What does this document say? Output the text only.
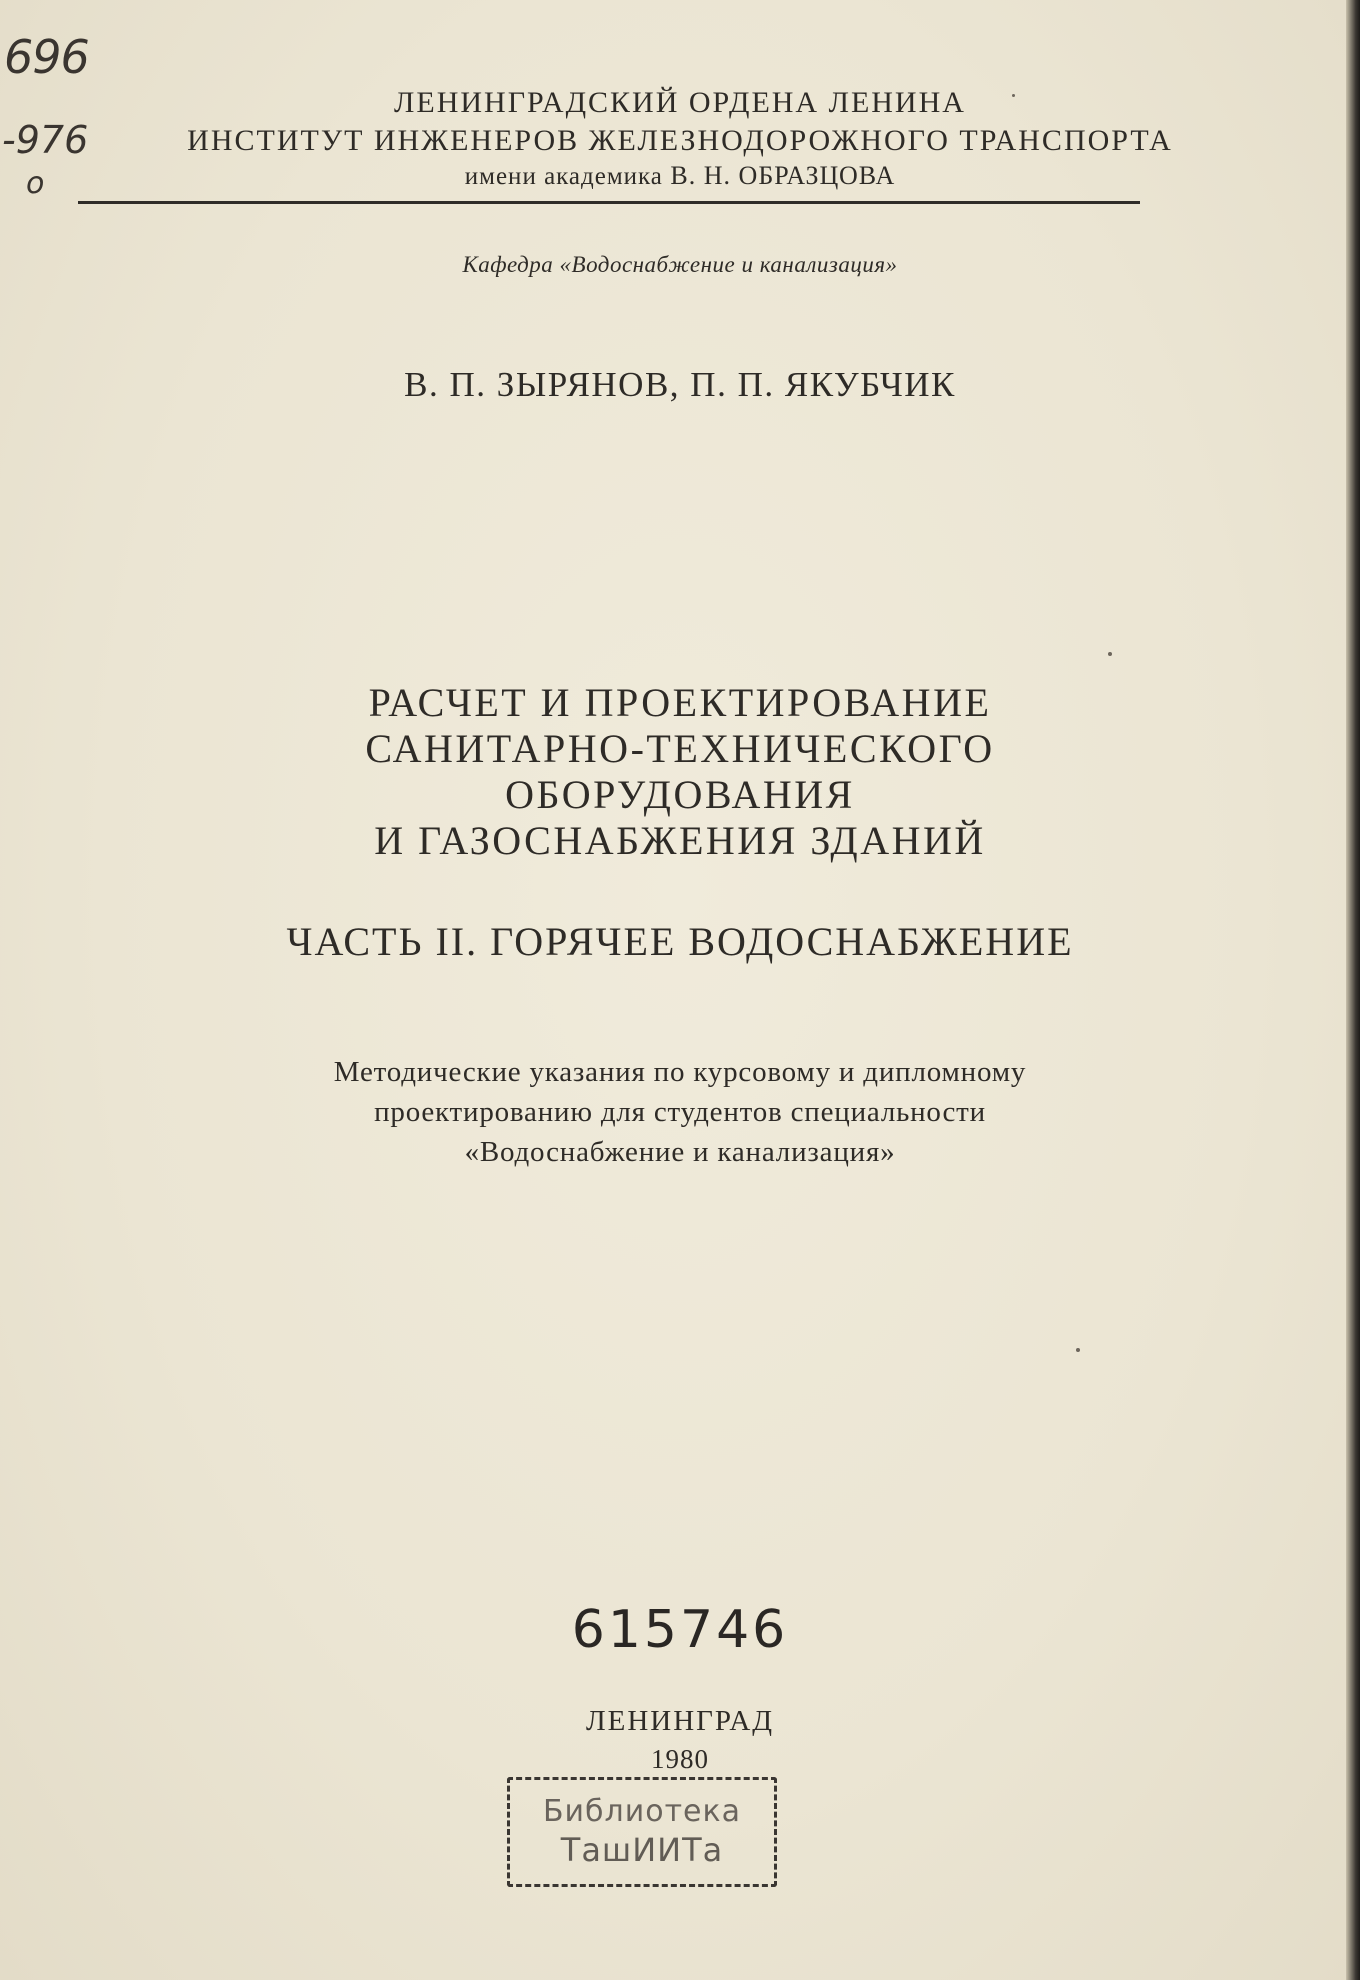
696
-976
о
ЛЕНИНГРАДСКИЙ ОРДЕНА ЛЕНИНА
ИНСТИТУТ ИНЖЕНЕРОВ ЖЕЛЕЗНОДОРОЖНОГО ТРАНСПОРТА
имени академика В. Н. ОБРАЗЦОВА
Кафедра «Водоснабжение и канализация»
В. П. ЗЫРЯНОВ, П. П. ЯКУБЧИК
РАСЧЕТ И ПРОЕКТИРОВАНИЕ
САНИТАРНО-ТЕХНИЧЕСКОГО
ОБОРУДОВАНИЯ
И ГАЗОСНАБЖЕНИЯ ЗДАНИЙ
ЧАСТЬ II. ГОРЯЧЕЕ ВОДОСНАБЖЕНИЕ
Методические указания по курсовому и дипломному
проектированию для студентов специальности
«Водоснабжение и канализация»
615746
ЛЕНИНГРАД
1980
Библиотека
ТашИИТа
